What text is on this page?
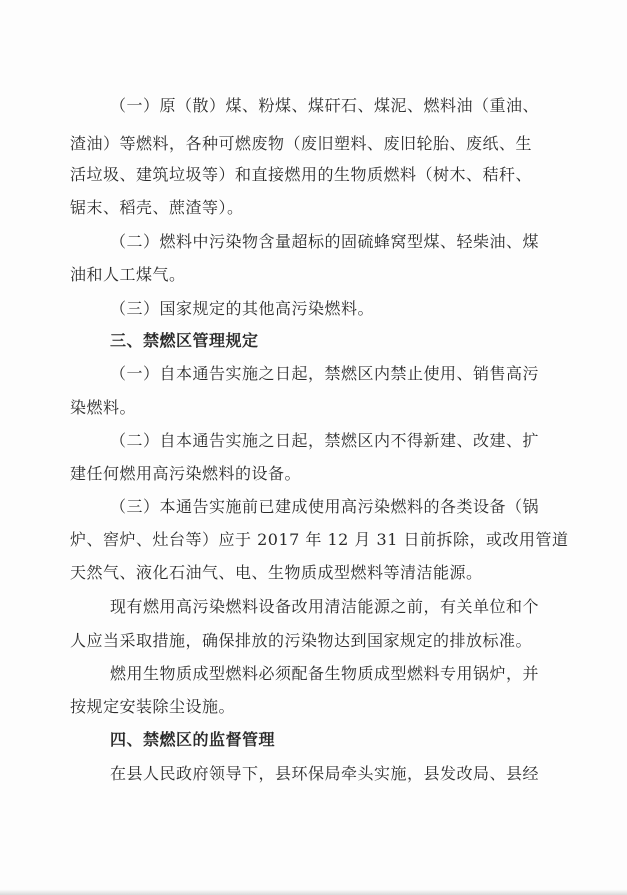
（一）原（散）煤、粉煤、煤矸石、煤泥、燃料油（重油、
渣油）等燃料，各种可燃废物（废旧塑料、废旧轮胎、废纸、生
活垃圾、建筑垃圾等）和直接燃用的生物质燃料（树木、秸秆、
锯末、稻壳、蔗渣等）。
（二）燃料中污染物含量超标的固硫蜂窝型煤、轻柴油、煤
油和人工煤气。
（三）国家规定的其他高污染燃料。
三、禁燃区管理规定
（一）自本通告实施之日起，禁燃区内禁止使用、销售高污
染燃料。
（二）自本通告实施之日起，禁燃区内不得新建、改建、扩
建任何燃用高污染燃料的设备。
（三）本通告实施前已建成使用高污染燃料的各类设备（锅
炉、窖炉、灶台等）应于 2017 年 12 月 31 日前拆除，或改用管道
天然气、液化石油气、电、生物质成型燃料等清洁能源。
现有燃用高污染燃料设备改用清洁能源之前，有关单位和个
人应当采取措施，确保排放的污染物达到国家规定的排放标准。
燃用生物质成型燃料必须配备生物质成型燃料专用锅炉，并
按规定安装除尘设施。
四、禁燃区的监督管理
在县人民政府领导下，县环保局牵头实施，县发改局、县经
